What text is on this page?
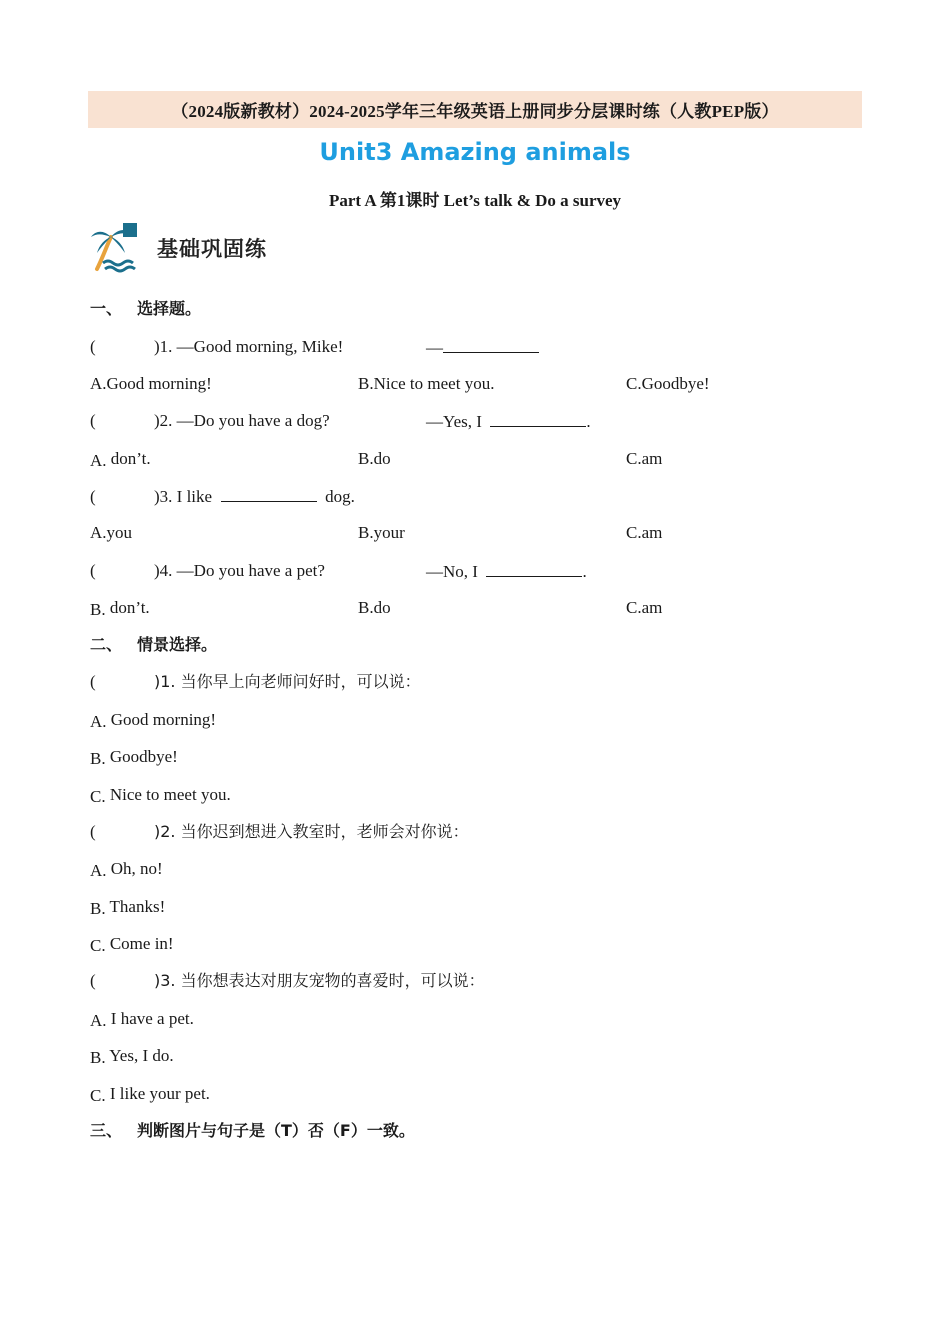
（2024版新教材）2024-2025学年三年级英语上册同步分层课时练（人教PEP版）
Unit3 Amazing animals
Part A 第1课时 Let’s talk & Do a survey
基础巩固练
一、 选择题。
(	)1. —Good morning, Mike!	—
A.Good morning!	B.Nice to meet you.	C.Goodbye!
(	)2. —Do you have a dog?	—Yes, I	.
A. don’t.	B.do	C.am
(	)3. I like	dog.
A.you	B.your	C.am
(	)4. —Do you have a pet?	—No, I	.
B. don’t.	B.do	C.am
二、 情景选择。
(	)1. 当你早上向老师问好时，可以说：
A. Good morning!
B. Goodbye!
C. Nice to meet you.
(	)2. 当你迟到想进入教室时，老师会对你说：
A. Oh, no!
B. Thanks!
C. Come in!
(	)3. 当你想表达对朋友宠物的喜爱时，可以说：
A. I have a pet.
B. Yes, I do.
C. I like your pet.
三、 判断图片与句子是（T）否（F）一致。
